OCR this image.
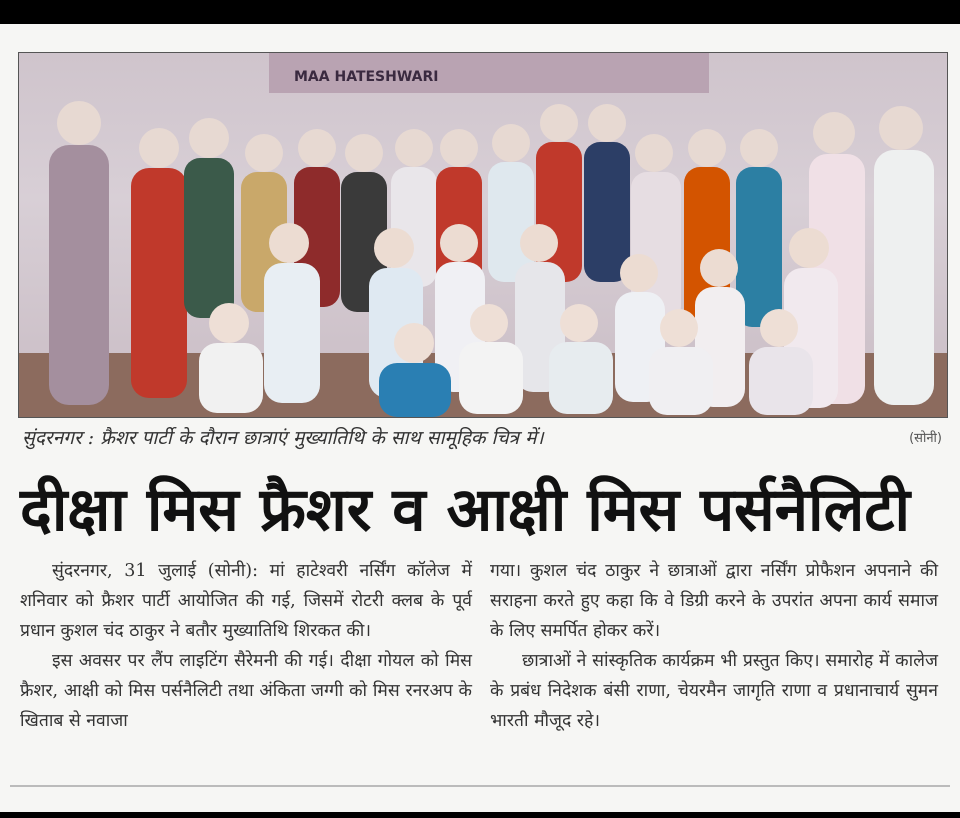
MAA HATESHWARI
सुंदरनगर : फ्रैशर पार्टी के दौरान छात्राएं मुख्यातिथि के साथ सामूहिक चित्र में।	(सोनी)
दीक्षा मिस फ्रैशर व आक्षी मिस पर्सनैलिटी

सुंदरनगर, 31 जुलाई (सोनी): मां हाटेश्वरी नर्सिंग कॉलेज में शनिवार को फ्रैशर पार्टी आयोजित की गई, जिसमें रोटरी क्लब के पूर्व प्रधान कुशल चंद ठाकुर ने बतौर मुख्यातिथि शिरकत की।

इस अवसर पर लैंप लाइटिंग सैरेमनी की गई। दीक्षा गोयल को मिस फ्रैशर, आक्षी को मिस पर्सनैलिटी तथा अंकिता जग्गी को मिस रनरअप के खिताब से नवाजा

गया। कुशल चंद ठाकुर ने छात्राओं द्वारा नर्सिंग प्रोफैशन अपनाने की सराहना करते हुए कहा कि वे डिग्री करने के उपरांत अपना कार्य समाज के लिए समर्पित होकर करें।

छात्राओं ने सांस्कृतिक कार्यक्रम भी प्रस्तुत किए। समारोह में कालेज के प्रबंध निदेशक बंसी राणा, चेयरमैन जागृति राणा व प्रधानाचार्य सुमन भारती मौजूद रहे।
